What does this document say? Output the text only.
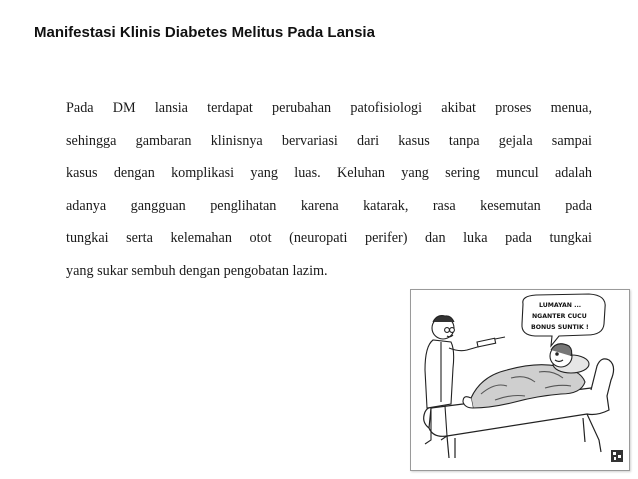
Manifestasi Klinis Diabetes Melitus Pada Lansia
Pada DM lansia terdapat perubahan patofisiologi akibat proses menua,
sehingga gambaran klinisnya bervariasi dari kasus tanpa gejala sampai
kasus dengan komplikasi yang luas. Keluhan yang sering muncul adalah
adanya gangguan penglihatan karena katarak, rasa kesemutan pada
tungkai serta kelemahan otot (neuropati perifer) dan luka pada tungkai
yang sukar sembuh dengan pengobatan lazim.
LUMAYAN ...
NGANTER CUCU
BONUS SUNTIK !
